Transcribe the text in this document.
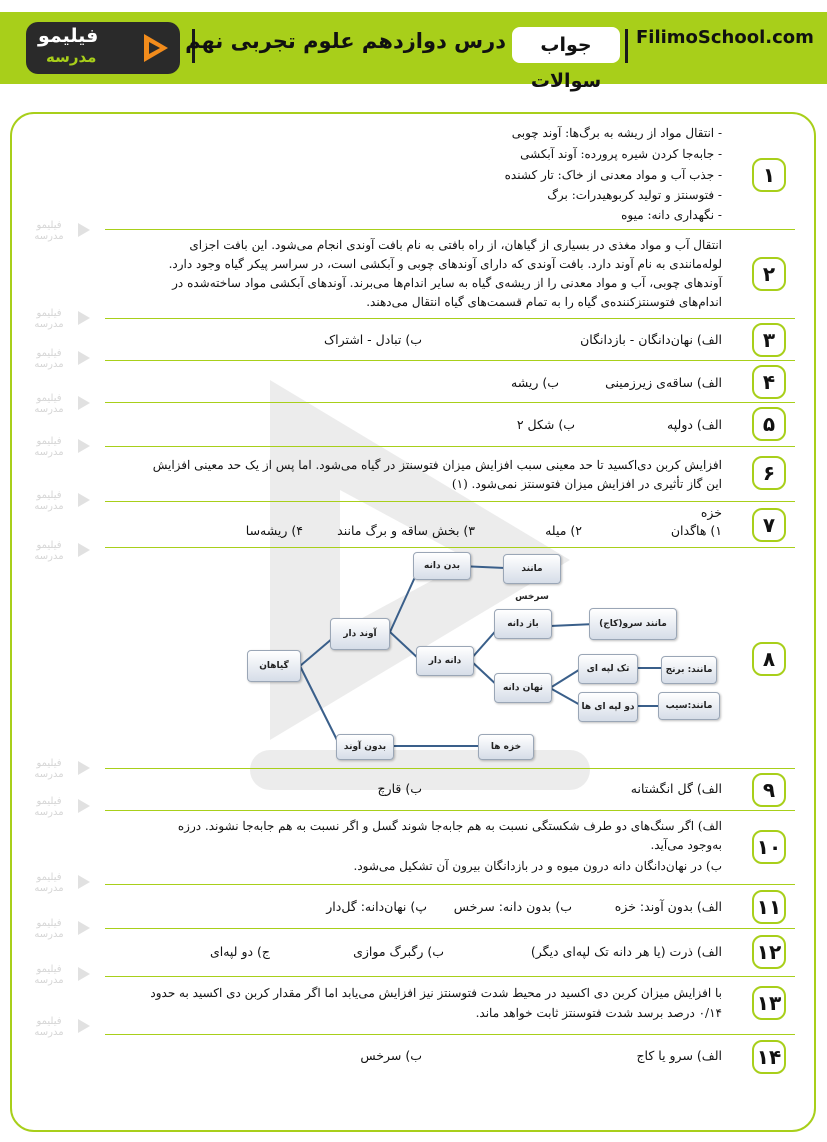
FilimoSchool.com
درس دوازدهم علوم تجربی نهم	جواب سوالات
فیلیمو
مدرسه
فیلیمو
مدرسه
فیلیمو
مدرسه
فیلیمو
مدرسه
فیلیمو
مدرسه
فیلیمو
مدرسه
فیلیمو
مدرسه
فیلیمو
مدرسه
فیلیمو
مدرسه
فیلیمو
مدرسه
فیلیمو
مدرسه
فیلیمو
مدرسه
فیلیمو
مدرسه
فیلیمو
مدرسه
۱
- انتقال مواد از ریشه به برگ‌ها: آوند چوبی
- جابه‌جا کردن شیره پرورده: آوند آبکشی
- جذب آب و مواد معدنی از خاک: تار کشنده
- فتوسنتز و تولید کربوهیدرات: برگ
- نگهداری دانه: میوه
۲
انتقال آب و مواد مغذی در بسیاری از گیاهان، از راه بافتی به نام بافت آوندی انجام می‌شود. این بافت اجزای
لوله‌مانندی به نام آوند دارد. بافت آوندی که دارای آوندهای چوبی و آبکشی است، در سراسر پیکر گیاه وجود دارد.
آوندهای چوبی، آب و مواد معدنی را از ریشه‌ی گیاه به سایر اندام‌ها می‌برند. آوندهای آبکشی مواد ساخته‌شده در
اندام‌های فتوسنتزکننده‌ی گیاه را به تمام قسمت‌های گیاه انتقال می‌دهند.
۳
الف) نهان‌دانگان - بازدانگان
ب) تبادل - اشتراک
۴
الف) ساقه‌ی زیرزمینی
ب) ریشه
۵
الف) دولپه
ب) شکل ۲
۶
افزایش کربن دی‌اکسید تا حد معینی سبب افزایش میزان فتوسنتز در گیاه می‌شود. اما پس از یک حد معینی افزایش
این گاز تأثیری در افزایش میزان فتوسنتز نمی‌شود. (۱)
۷
خزه
۱) هاگدان
۲) میله
۳) بخش ساقه و برگ مانند
۴) ریشه‌سا
۸
گیاهان
آوند دار
بدون آوند	خزه ها
بدن دانه	مانند سرخس
دانه دار
باز دانه	مانند سرو(کاج)
نهان دانه
تک لپه ای
دو لپه ای ها
مانند: برنج
مانند:سیب
۹
الف) گل انگشتانه
ب) قارچ
۱۰
الف) اگر سنگ‌های دو طرف شکستگی نسبت به هم جابه‌جا شوند گسل و اگر نسبت به هم جابه‌جا نشوند. درزه
به‌وجود می‌آید.
ب) در نهان‌دانگان دانه درون میوه و در بازدانگان بیرون آن تشکیل می‌شود.
۱۱
الف) بدون آوند: خزه
ب) بدون دانه: سرخس
پ) نهان‌دانه: گل‌دار
۱۲
الف) ذرت (یا هر دانه تک لپه‌ای دیگر)
ب) رگبرگ موازی
ج) دو لپه‌ای
۱۳
با افزایش میزان کربن دی اکسید در محیط شدت فتوسنتز نیز افزایش می‌یابد اما اگر مقدار کربن دی اکسید به حدود
۰/۱۴ درصد برسد شدت فتوسنتز ثابت خواهد ماند.
۱۴
الف) سرو یا کاج
ب) سرخس
